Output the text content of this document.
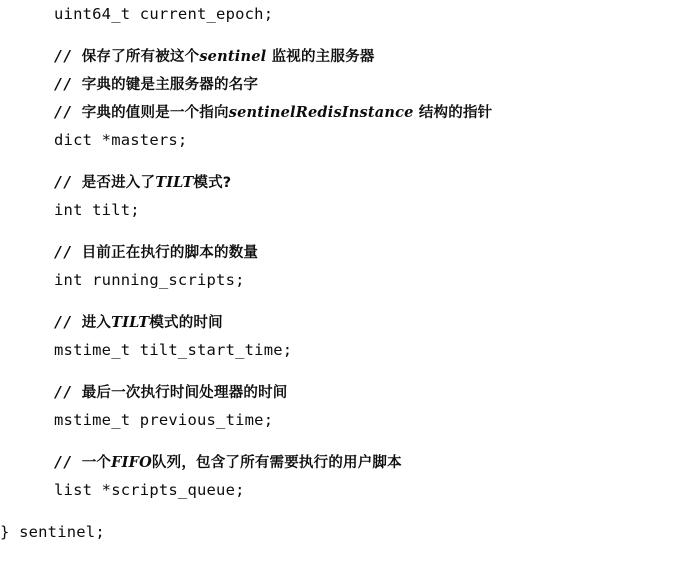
uint64_t current_epoch;
// 保存了所有被这个sentinel 监视的主服务器
// 字典的键是主服务器的名字
// 字典的值则是一个指向sentinelRedisInstance 结构的指针
dict *masters;
// 是否进入了TILT模式?
int tilt;
// 目前正在执行的脚本的数量
int running_scripts;
// 进入TILT模式的时间
mstime_t tilt_start_time;
// 最后一次执行时间处理器的时间
mstime_t previous_time;
// 一个FIFO队列，包含了所有需要执行的用户脚本
list *scripts_queue;
} sentinel;
